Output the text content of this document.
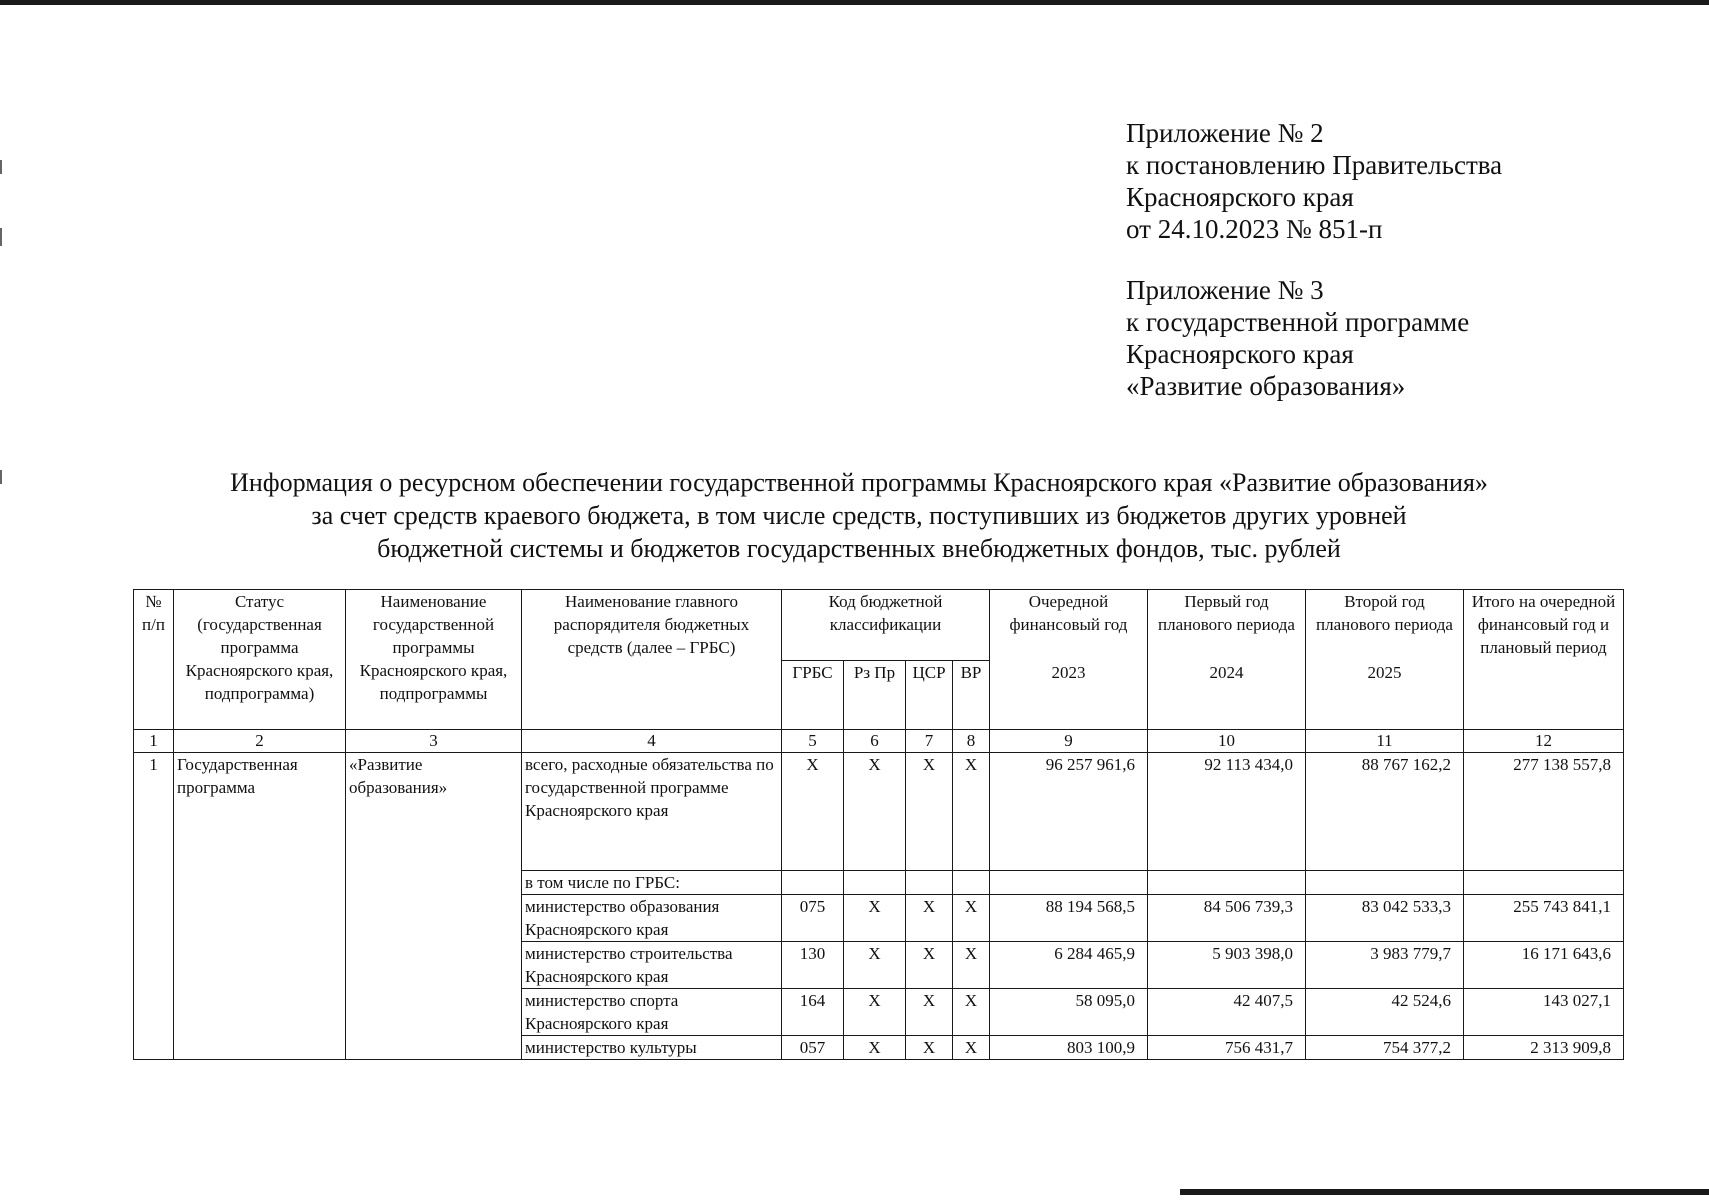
Приложение № 2
к постановлению Правительства
Красноярского края
от 24.10.2023 № 851-п
Приложение № 3
к государственной программе
Красноярского края
«Развитие образования»
Информация о ресурсном обеспечении государственной программы Красноярского края «Развитие образования»
за счет средств краевого бюджета, в том числе средств, поступивших из бюджетов других уровней
бюджетной системы и бюджетов государственных внебюджетных фондов, тыс. рублей
№ п/п	Статус (государственная программа Красноярского края, подпрограмма)	Наименование государственной программы Красноярского края, подпрограммы	Наименование главного распорядителя бюджетных средств (далее – ГРБС)	Код бюджетной классификации				Очередной финансовый год	Первый год планового периода	Второй год планового периода	Итого на очередной финансовый год и плановый период
				ГРБС	Рз Пр	ЦСР	ВР	2023	2024	2025	
1	2	3	4	5	6	7	8	9	10	11	12
1	Государственная программа	«Развитие образования»	всего, расходные обязательства по государственной программе Красноярского края	Х	Х	Х	Х	96 257 961,6	92 113 434,0	88 767 162,2	277 138 557,8
			в том числе по ГРБС:								
			министерство образования Красноярского края	075	Х	Х	Х	88 194 568,5	84 506 739,3	83 042 533,3	255 743 841,1
			министерство строительства Красноярского края	130	Х	Х	Х	6 284 465,9	5 903 398,0	3 983 779,7	16 171 643,6
			министерство спорта Красноярского края	164	Х	Х	Х	58 095,0	42 407,5	42 524,6	143 027,1
			министерство культуры	057	Х	Х	Х	803 100,9	756 431,7	754 377,2	2 313 909,8
